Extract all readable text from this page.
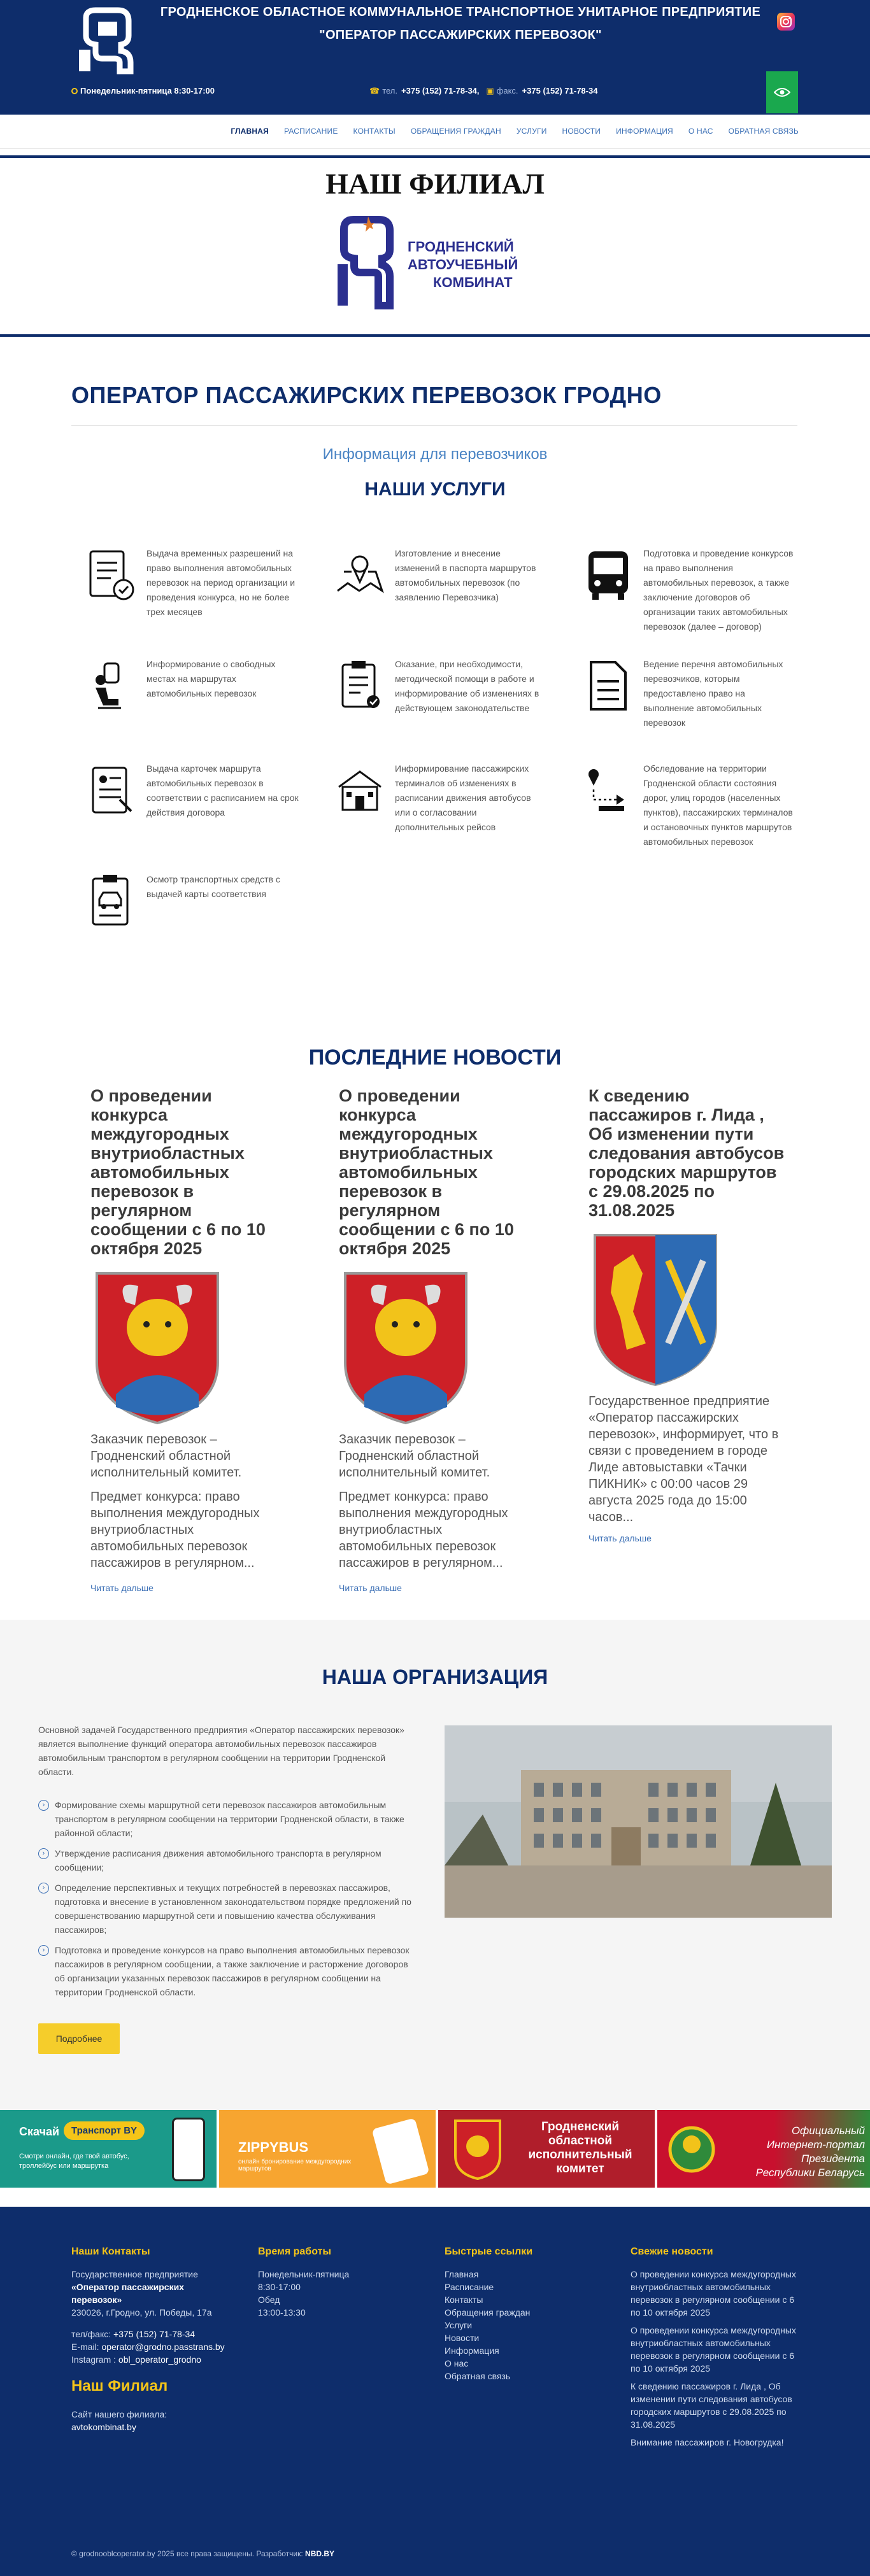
ГРОДНЕНСКОЕ ОБЛАСТНОЕ КОММУНАЛЬНОЕ ТРАНСПОРТНОЕ УНИТАРНОЕ ПРЕДПРИЯТИЕ
"ОПЕРАТОР ПАССАЖИРСКИХ ПЕРЕВОЗОК"
Понедельник-пятница 8:30-17:00	☎ тел. +375 (152) 71-78-34, ▣ факс. +375 (152) 71-78-34
ГЛАВНАЯ РАСПИСАНИЕ КОНТАКТЫ ОБРАЩЕНИЯ ГРАЖДАН УСЛУГИ НОВОСТИ ИНФОРМАЦИЯ О НАС ОБРАТНАЯ СВЯЗЬ
НАШ ФИЛИАЛ
ГРОДНЕНСКИЙ
АВТОУЧЕБНЫЙ
КОМБИНАТ
ОПЕРАТОР ПАССАЖИРСКИХ ПЕРЕВОЗОК ГРОДНО
Информация для перевозчиков
НАШИ УСЛУГИ
Выдача временных разрешений на право выполнения автомобильных перевозок на период организации и проведения конкурса, но не более трех месяцев
Изготовление и внесение изменений в паспорта маршрутов автомобильных перевозок (по заявлению Перевозчика)
Подготовка и проведение конкурсов на право выполнения автомобильных перевозок, а также заключение договоров об организации таких автомобильных перевозок (далее – договор)
Информирование о свободных местах на маршрутах автомобильных перевозок
Оказание, при необходимости, методической помощи в работе и информирование об изменениях в действующем законодательстве
Ведение перечня автомобильных перевозчиков, которым предоставлено право на выполнение автомобильных перевозок
Выдача карточек маршрута автомобильных перевозок в соответствии с расписанием на срок действия договора
Информирование пассажирских терминалов об изменениях в расписании движения автобусов или о согласовании дополнительных рейсов
Обследование на территории Гродненской области состояния дорог, улиц городов (населенных пунктов), пассажирских терминалов и остановочных пунктов маршрутов автомобильных перевозок
Осмотр транспортных средств с выдачей карты соответствия
ПОСЛЕДНИЕ НОВОСТИ
О проведении конкурса междугородных внутриобластных автомобильных перевозок в регулярном сообщении с 6 по 10 октября 2025

Заказчик перевозок – Гродненский областной исполнительный комитет.

Предмет конкурса: право выполнения междугородных внутриобластных автомобильных перевозок пассажиров в регулярном...

Читать дальше

О проведении конкурса междугородных внутриобластных автомобильных перевозок в регулярном сообщении с 6 по 10 октября 2025

Заказчик перевозок – Гродненский областной исполнительный комитет.

Предмет конкурса: право выполнения междугородных внутриобластных автомобильных перевозок пассажиров в регулярном...

Читать дальше

К сведению пассажиров г. Лида , Об изменении пути следования автобусов городских маршрутов с 29.08.2025 по 31.08.2025

Государственное предприятие «Оператор пассажирских перевозок», информирует, что в связи с проведением в городе Лиде автовыставки «Тачки ПИКНИК» с 00:00 часов 29 августа 2025 года до 15:00 часов...

Читать дальше

НАША ОРГАНИЗАЦИЯ

Основной задачей Государственного предприятия «Оператор пассажирских перевозок» является выполнение функций оператора автомобильных перевозок пассажиров автомобильным транспортом в регулярном сообщении на территории Гродненской области.

›	Формирование схемы маршрутной сети перевозок пассажиров автомобильным транспортом в регулярном сообщении на территории Гродненской области, в также районной области;
›	Утверждение расписания движения автомобильного транспорта в регулярном сообщении;
›	Определение перспективных и текущих потребностей в перевозках пассажиров, подготовка и внесение в установленном законодательством порядке предложений по совершенствованию маршрутной сети и повышению качества обслуживания пассажиров;
›	Подготовка и проведение конкурсов на право выполнения автомобильных перевозок пассажиров в регулярном сообщении, а также заключение и расторжение договоров об организации указанных перевозок пассажиров в регулярном сообщении на территории Гродненской области.
Подробнее
Скачай	Транспорт BY
Смотри онлайн, где твой автобус, троллейбус или маршрутка
ZIPPYBUS
онлайн бронирование междугородних маршрутов
Гродненский
областной
исполнительный
комитет
Официальный
Интернет-портал Президента
Республики Беларусь
Наши Контакты

Государственное предприятие

«Оператор пассажирских перевозок»

230026, г.Гродно, ул. Победы, 17а

тел/факс: +375 (152) 71-78-34

E-mail: operator@grodno.passtrans.by

Instagram : obl_operator_grodno

Наш Филиал

Сайт нашего филиала:

avtokombinat.by

Время работы

Понедельник-пятница

8:30-17:00

Обед

13:00-13:30

Быстрые ссылки

Главная

Расписание

Контакты

Обращения граждан

Услуги

Новости

Информация

О нас

Обратная связь

Свежие новости

О проведении конкурса междугородных внутриобластных автомобильных перевозок в регулярном сообщении с 6 по 10 октября 2025

О проведении конкурса междугородных внутриобластных автомобильных перевозок в регулярном сообщении с 6 по 10 октября 2025

К сведению пассажиров г. Лида , Об изменении пути следования автобусов городских маршрутов с 29.08.2025 по 31.08.2025

Внимание пассажиров г. Новогрудка!

© grodnooblcoperator.by 2025 все права защищены. Разработчик: NBD.BY
